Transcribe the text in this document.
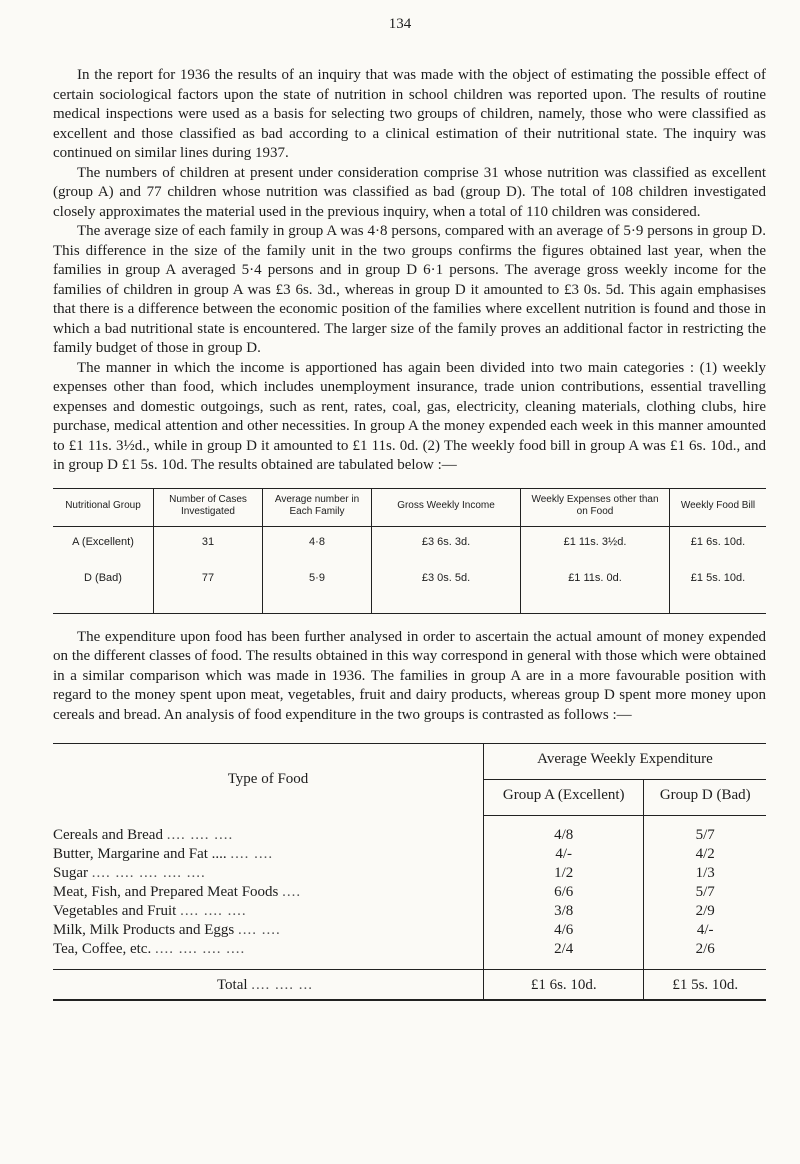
134

In the report for 1936 the results of an inquiry that was made with the object of estimating the possible effect of certain sociological factors upon the state of nutrition in school children was reported upon. The results of routine medical inspections were used as a basis for selecting two groups of children, namely, those who were classified as excellent and those classified as bad according to a clinical estimation of their nutritional state. The inquiry was continued on similar lines during 1937.

The numbers of children at present under consideration comprise 31 whose nutrition was classified as excellent (group A) and 77 children whose nutrition was classified as bad (group D). The total of 108 children investigated closely approximates the material used in the previous inquiry, when a total of 110 children was considered.

The average size of each family in group A was 4·8 persons, compared with an average of 5·9 persons in group D. This difference in the size of the family unit in the two groups confirms the figures obtained last year, when the families in group A averaged 5·4 persons and in group D 6·1 persons. The average gross weekly income for the families of children in group A was £3 6s. 3d., whereas in group D it amounted to £3 0s. 5d. This again emphasises that there is a difference between the economic position of the families where excellent nutrition is found and those in which a bad nutritional state is encountered. The larger size of the family proves an additional factor in restricting the family budget of those in group D.

The manner in which the income is apportioned has again been divided into two main categories : (1) weekly expenses other than food, which includes unemployment insurance, trade union contributions, essential travelling expenses and domestic outgoings, such as rent, rates, coal, gas, electricity, cleaning materials, clothing clubs, hire purchase, medical attention and other necessities. In group A the money expended each week in this manner amounted to £1 11s. 3½d., while in group D it amounted to £1 11s. 0d. (2) The weekly food bill in group A was £1 6s. 10d., and in group D £1 5s. 10d. The results obtained are tabulated below :—

Nutritional Group	Number of Cases Investigated	Average number in Each Family	Gross Weekly Income	Weekly Expenses other than on Food	Weekly Food Bill
A (Excellent)	31	4·8	£3 6s. 3d.	£1 11s. 3½d.	£1 6s. 10d.
D (Bad)	77	5·9	£3 0s. 5d.	£1 11s. 0d.	£1 5s. 10d.

The expenditure upon food has been further analysed in order to ascertain the actual amount of money expended on the different classes of food. The results obtained in this way correspond in general with those which were obtained in a similar comparison which was made in 1936. The families in group A are in a more favourable position with regard to the money spent upon meat, vegetables, fruit and dairy products, whereas group D spent more money upon cereals and bread. An analysis of food expenditure in the two groups is contrasted as follows :—

Type of Food	Average Weekly Expenditure	
	Group A (Excellent)	Group D (Bad)
Cereals and Bread .... .... ....	4/8	5/7
Butter, Margarine and Fat .... .... ....	4/-	4/2
Sugar .... .... .... .... ....	1/2	1/3
Meat, Fish, and Prepared Meat Foods ....	6/6	5/7
Vegetables and Fruit .... .... ....	3/8	2/9
Milk, Milk Products and Eggs .... ....	4/6	4/-
Tea, Coffee, etc. .... .... .... ....	2/4	2/6
Total .... .... ...	£1 6s. 10d.	£1 5s. 10d.
